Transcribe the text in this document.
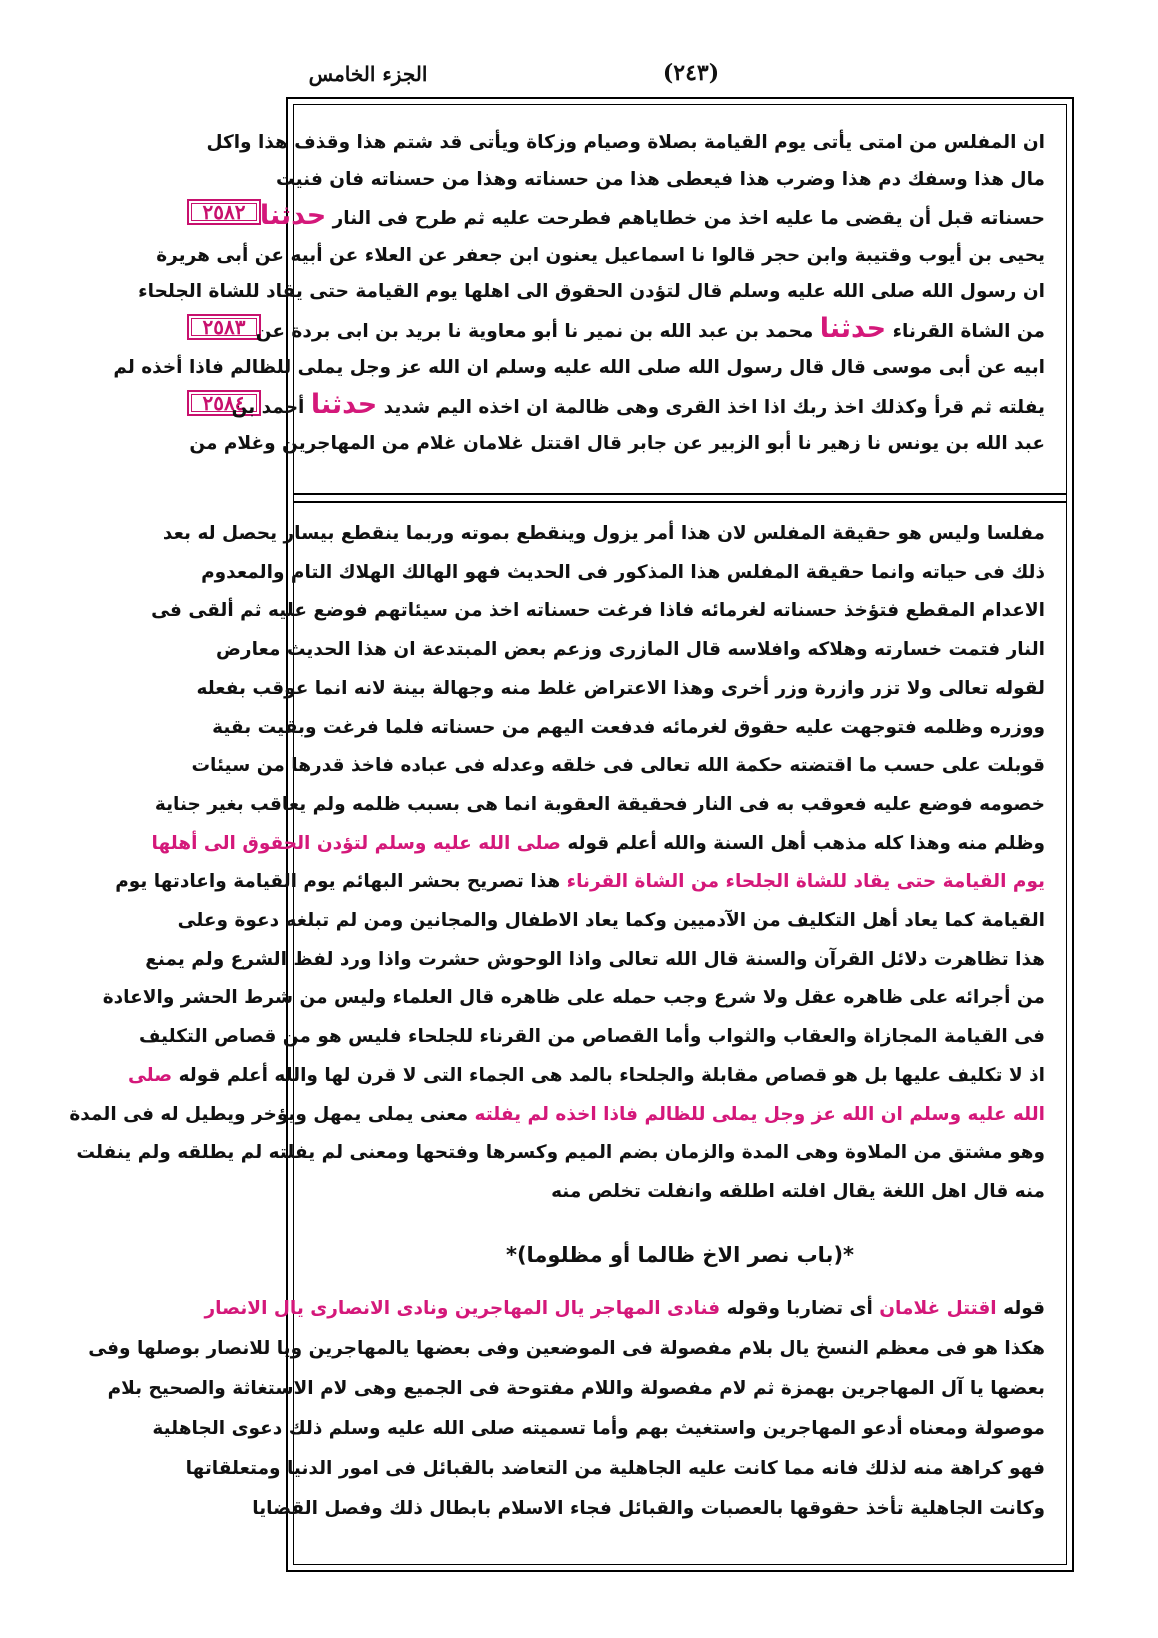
الجزء الخامس	(٢٤٣)
٢٥٨٢
٢٥٨٣
٢٥٨٤

ان المفلس من امتى يأتى يوم القيامة بصلاة وصيام وزكاة ويأتى قد شتم هذا وقذف هذا واكل

مال هذا وسفك دم هذا وضرب هذا فيعطى هذا من حسناته وهذا من حسناته فان فنيت

حسناته قبل أن يقضى ما عليه اخذ من خطاياهم فطرحت عليه ثم طرح فى النار حدثنا

يحيى بن أيوب وقتيبة وابن حجر قالوا نا اسماعيل يعنون ابن جعفر عن العلاء عن أبيه عن أبى هريرة

ان رسول الله صلى الله عليه وسلم قال لتؤدن الحقوق الى اهلها يوم القيامة حتى يقاد للشاة الجلحاء

من الشاة القرناء حدثنا محمد بن عبد الله بن نمير نا أبو معاوية نا بريد بن ابى بردة عن

ابيه عن أبى موسى قال قال رسول الله صلى الله عليه وسلم ان الله عز وجل يملى للظالم فاذا أخذه لم

يفلته ثم قرأ وكذلك اخذ ربك اذا اخذ القرى وهى ظالمة ان اخذه اليم شديد حدثنا أحمد بن

عبد الله بن يونس نا زهير نا أبو الزبير عن جابر قال اقتتل غلامان غلام من المهاجرين وغلام من

مفلسا وليس هو حقيقة المفلس لان هذا أمر يزول وينقطع بموته وربما ينقطع بيسار يحصل له بعد

ذلك فى حياته وانما حقيقة المفلس هذا المذكور فى الحديث فهو الهالك الهلاك التام والمعدوم

الاعدام المقطع فتؤخذ حسناته لغرمائه فاذا فرغت حسناته اخذ من سيئاتهم فوضع عليه ثم ألقى فى

النار فتمت خسارته وهلاكه وافلاسه قال المازرى وزعم بعض المبتدعة ان هذا الحديث معارض

لقوله تعالى ولا تزر وازرة وزر أخرى وهذا الاعتراض غلط منه وجهالة بينة لانه انما عوقب بفعله

ووزره وظلمه فتوجهت عليه حقوق لغرمائه فدفعت اليهم من حسناته فلما فرغت وبقيت بقية

قوبلت على حسب ما اقتضته حكمة الله تعالى فى خلقه وعدله فى عباده فاخذ قدرها من سيئات

خصومه فوضع عليه فعوقب به فى النار فحقيقة العقوبة انما هى بسبب ظلمه ولم يعاقب بغير جناية

وظلم منه وهذا كله مذهب أهل السنة والله أعلم قوله صلى الله عليه وسلم لتؤدن الحقوق الى أهلها

يوم القيامة حتى يقاد للشاة الجلحاء من الشاة القرناء هذا تصريح بحشر البهائم يوم القيامة واعادتها يوم

القيامة كما يعاد أهل التكليف من الآدميين وكما يعاد الاطفال والمجانين ومن لم تبلغه دعوة وعلى

هذا تظاهرت دلائل القرآن والسنة قال الله تعالى واذا الوحوش حشرت واذا ورد لفظ الشرع ولم يمنع

من أجرائه على ظاهره عقل ولا شرع وجب حمله على ظاهره قال العلماء وليس من شرط الحشر والاعادة

فى القيامة المجازاة والعقاب والثواب وأما القصاص من القرناء للجلحاء فليس هو من قصاص التكليف

اذ لا تكليف عليها بل هو قصاص مقابلة والجلحاء بالمد هى الجماء التى لا قرن لها والله أعلم قوله صلى

الله عليه وسلم ان الله عز وجل يملى للظالم فاذا اخذه لم يفلته معنى يملى يمهل ويؤخر ويطيل له فى المدة

وهو مشتق من الملاوة وهى المدة والزمان بضم الميم وكسرها وفتحها ومعنى لم يفلته لم يطلقه ولم ينفلت

منه قال اهل اللغة يقال افلته اطلقه وانفلت تخلص منه

*(باب نصر الاخ ظالما أو مظلوما)*

قوله اقتتل غلامان أى تضاربا وقوله فنادى المهاجر يال المهاجرين ونادى الانصارى يال الانصار

هكذا هو فى معظم النسخ يال بلام مفصولة فى الموضعين وفى بعضها يالمهاجرين ويا للانصار بوصلها وفى

بعضها يا آل المهاجرين بهمزة ثم لام مفصولة واللام مفتوحة فى الجميع وهى لام الاستغاثة والصحيح بلام

موصولة ومعناه أدعو المهاجرين واستغيث بهم وأما تسميته صلى الله عليه وسلم ذلك دعوى الجاهلية

فهو كراهة منه لذلك فانه مما كانت عليه الجاهلية من التعاضد بالقبائل فى امور الدنيا ومتعلقاتها

وكانت الجاهلية تأخذ حقوقها بالعصبات والقبائل فجاء الاسلام بابطال ذلك وفصل القضايا
